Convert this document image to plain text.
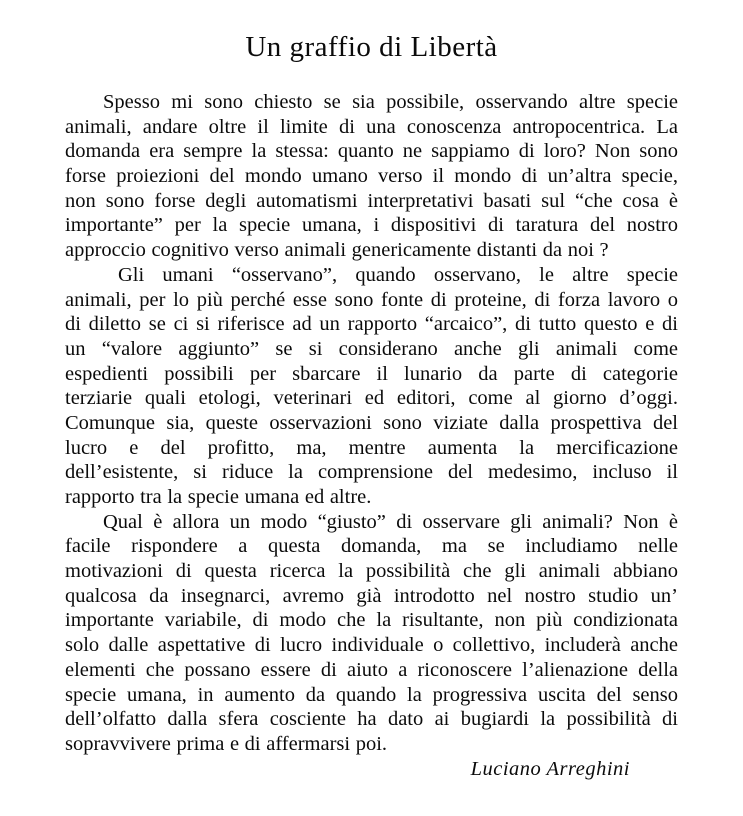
Un graffio di Libertà
Spesso mi sono chiesto se sia possibile, osservando altre specie
animali, andare oltre il limite di una conoscenza antropocentrica. La
domanda era sempre la stessa: quanto ne sappiamo di loro? Non sono
forse proiezioni del mondo umano verso il mondo di un’altra specie,
non sono forse degli automatismi interpretativi basati sul “che cosa è
importante” per la specie umana, i dispositivi di taratura del nostro
approccio cognitivo verso animali genericamente distanti da noi ?
Gli umani “osservano”, quando osservano, le altre specie
animali, per lo più perché esse sono fonte di proteine, di forza lavoro o
di diletto se ci si riferisce ad un rapporto “arcaico”, di tutto questo e di
un “valore aggiunto” se si considerano anche gli animali come
espedienti possibili per sbarcare il lunario da parte di categorie
terziarie quali etologi, veterinari ed editori, come al giorno d’oggi.
Comunque sia, queste osservazioni sono viziate dalla prospettiva del
lucro e del profitto, ma, mentre aumenta la mercificazione
dell’esistente, si riduce la comprensione del medesimo, incluso il
rapporto tra la specie umana ed altre.
Qual è allora un modo “giusto” di osservare gli animali? Non è
facile rispondere a questa domanda, ma se includiamo nelle
motivazioni di questa ricerca la possibilità che gli animali abbiano
qualcosa da insegnarci, avremo già introdotto nel nostro studio un’
importante variabile, di modo che la risultante, non più condizionata
solo dalle aspettative di lucro individuale o collettivo, includerà anche
elementi che possano essere di aiuto a riconoscere l’alienazione della
specie umana, in aumento da quando la progressiva uscita del senso
dell’olfatto dalla sfera cosciente ha dato ai bugiardi la possibilità di
sopravvivere prima e di affermarsi poi.
Luciano Arreghini
